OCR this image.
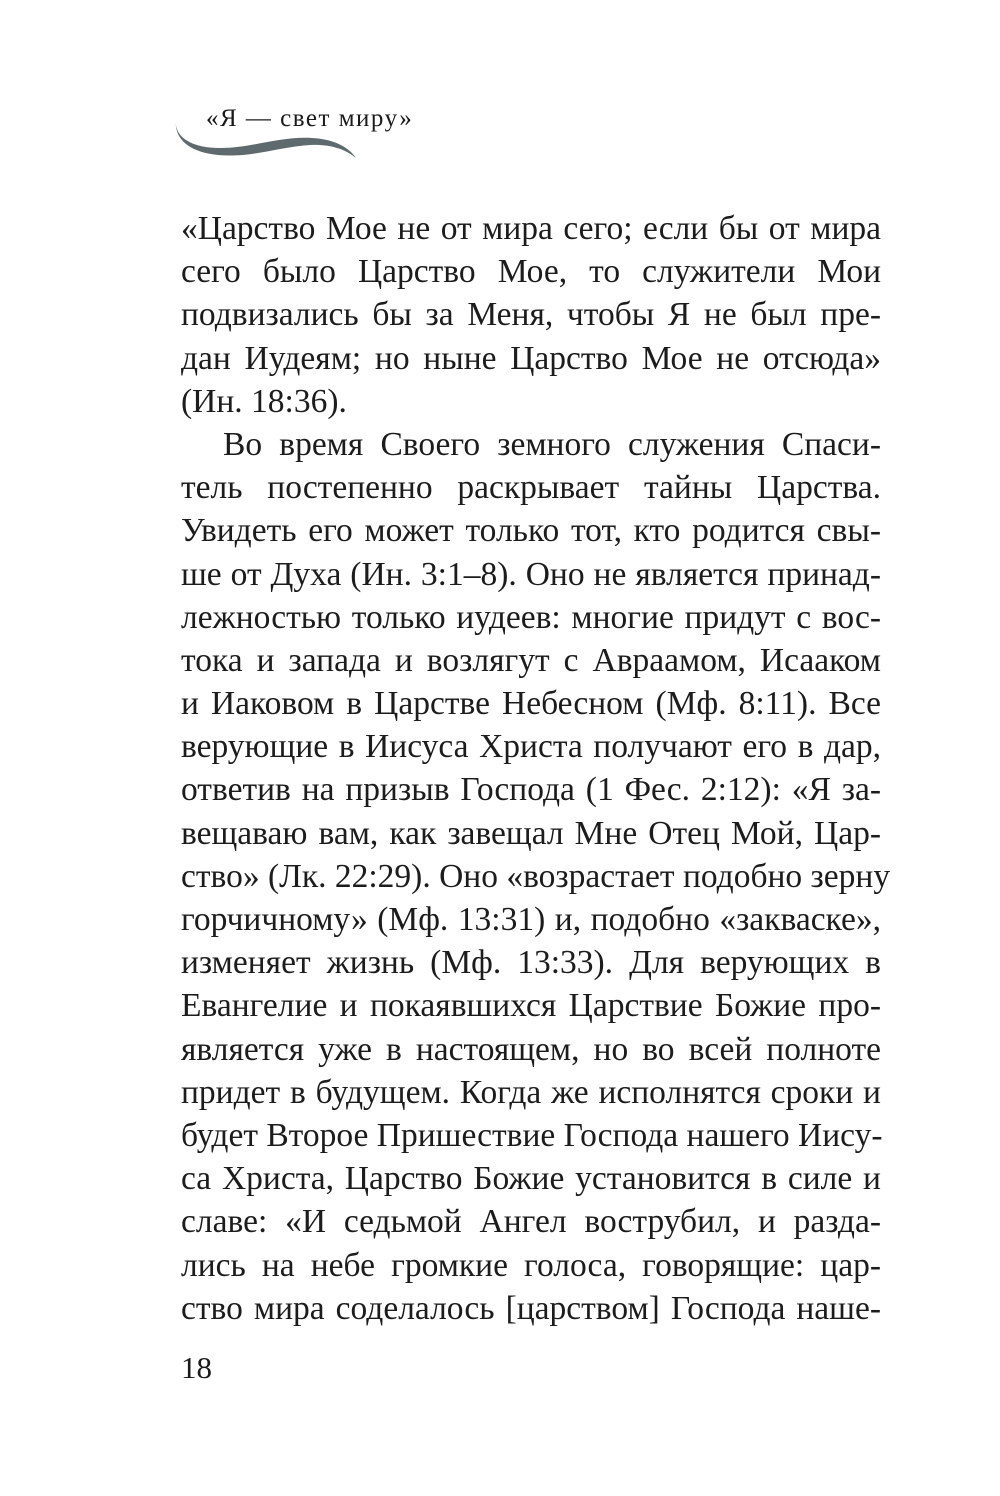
«Я — свет миру»
«Царство Мое не от мира сего; если бы от мира
сего было Царство Мое, то служители Мои
подвизались бы за Меня, чтобы Я не был пре-
дан Иудеям; но ныне Царство Мое не отсюда»
(Ин. 18:36).
Во время Своего земного служения Спаси-
тель постепенно раскрывает тайны Царства.
Увидеть его может только тот, кто родится свы-
ше от Духа (Ин. 3:1–8). Оно не является принад-
лежностью только иудеев: многие придут с вос-
тока и запада и возлягут с Авраамом, Исааком
и Иаковом в Царстве Небесном (Мф. 8:11). Все
верующие в Иисуса Христа получают его в дар,
ответив на призыв Господа (1 Фес. 2:12): «Я за-
вещаваю вам, как завещал Мне Отец Мой, Цар-
ство» (Лк. 22:29). Оно «возрастает подобно зерну
горчичному» (Мф. 13:31) и, подобно «закваске»,
изменяет жизнь (Мф. 13:33). Для верующих в
Евангелие и покаявшихся Царствие Божие про-
является уже в настоящем, но во всей полноте
придет в будущем. Когда же исполнятся сроки и
будет Второе Пришествие Господа нашего Иису-
са Христа, Царство Божие установится в силе и
славе: «И седьмой Ангел вострубил, и разда-
лись на небе громкие голоса, говорящие: цар-
ство мира соделалось [царством] Господа наше-
18
